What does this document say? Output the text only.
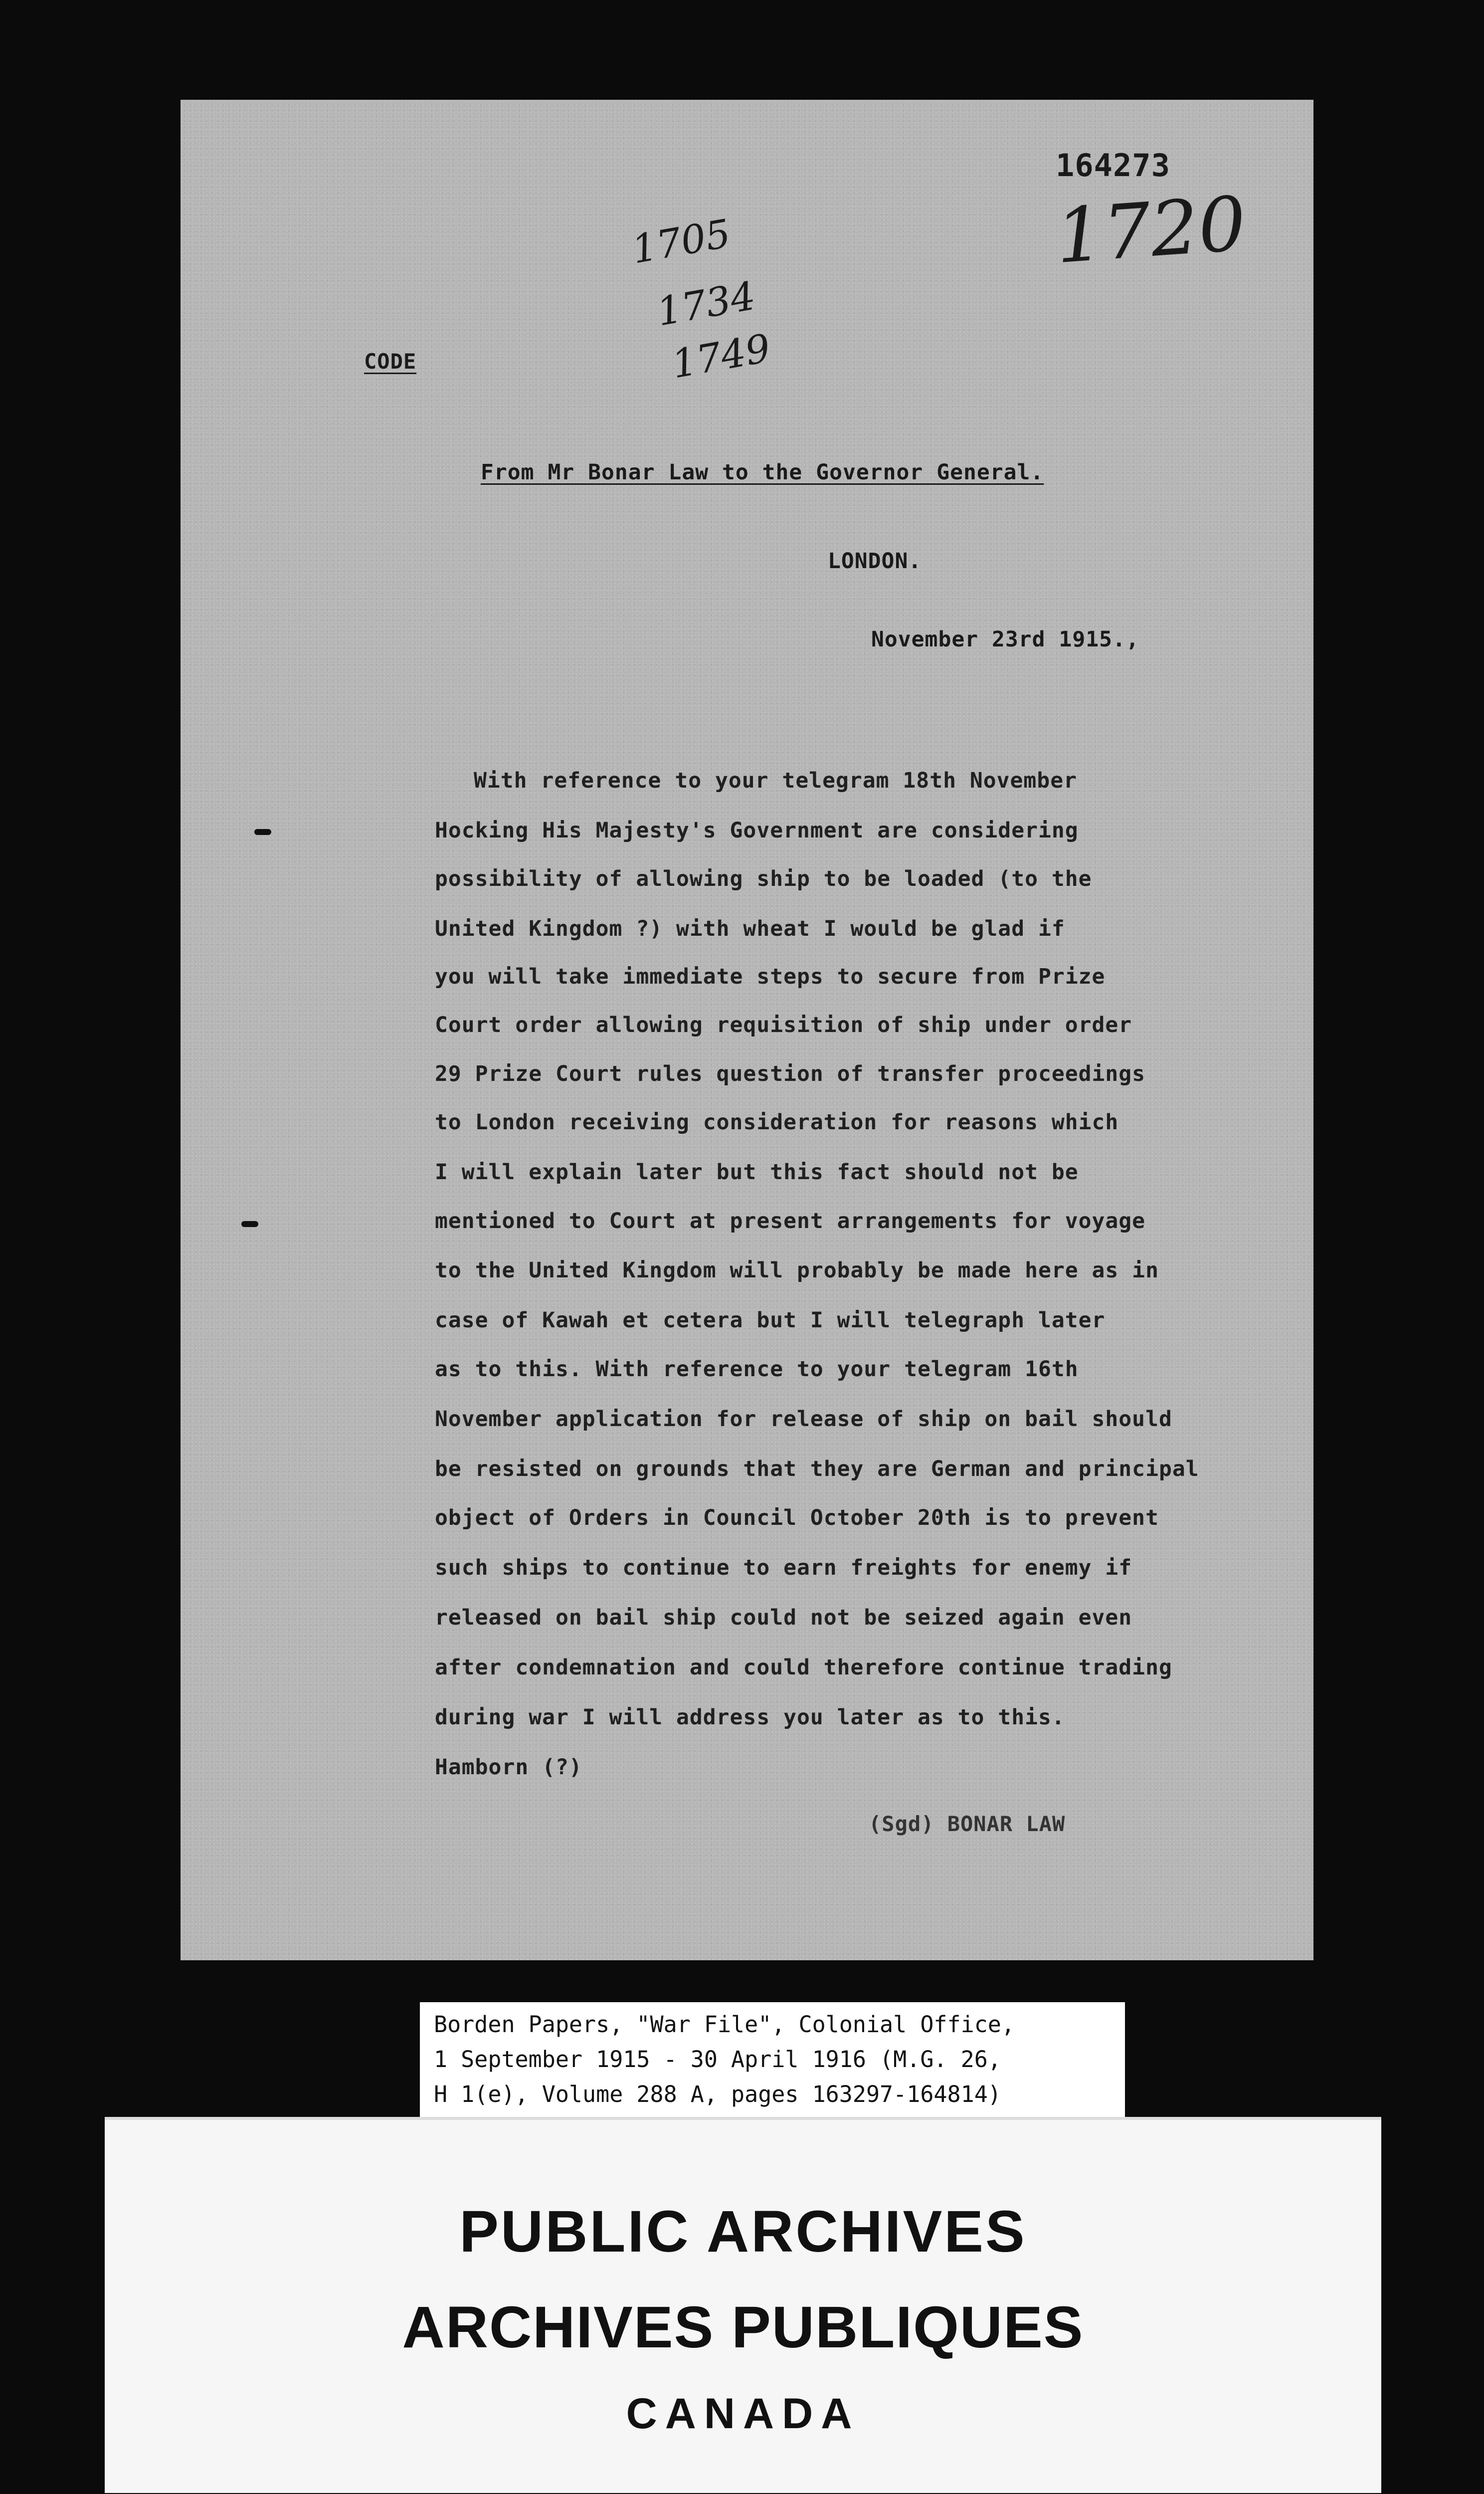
164273
1720
1705
1734
1749
CODE
From Mr Bonar Law to the Governor General.
LONDON.
November 23rd 1915.,
With reference to your telegram 18th November
Hocking His Majesty's Government are considering
possibility of allowing ship to be loaded (to the
United Kingdom ?) with wheat I would be glad if
you will take immediate steps to secure from Prize
Court order allowing requisition of ship under order
29 Prize Court rules question of transfer proceedings
to London receiving consideration for reasons which
I will explain later but this fact should not be
mentioned to Court at present arrangements for voyage
to the United Kingdom will probably be made here as in
case of Kawah et cetera but I will telegraph later
as to this. With reference to your telegram 16th
November application for release of ship on bail should
be resisted on grounds that they are German and principal
object of Orders in Council October 20th is to prevent
such ships to continue to earn freights for enemy if
released on bail ship could not be seized again even
after condemnation and could therefore continue trading
during war I will address you later as to this.
Hamborn (?)
(Sgd) BONAR LAW
Borden Papers, "War File", Colonial Office,
1 September 1915 - 30 April 1916 (M.G. 26,
H 1(e), Volume 288 A, pages 163297-164814)
PUBLIC ARCHIVES
ARCHIVES PUBLIQUES
CANADA
